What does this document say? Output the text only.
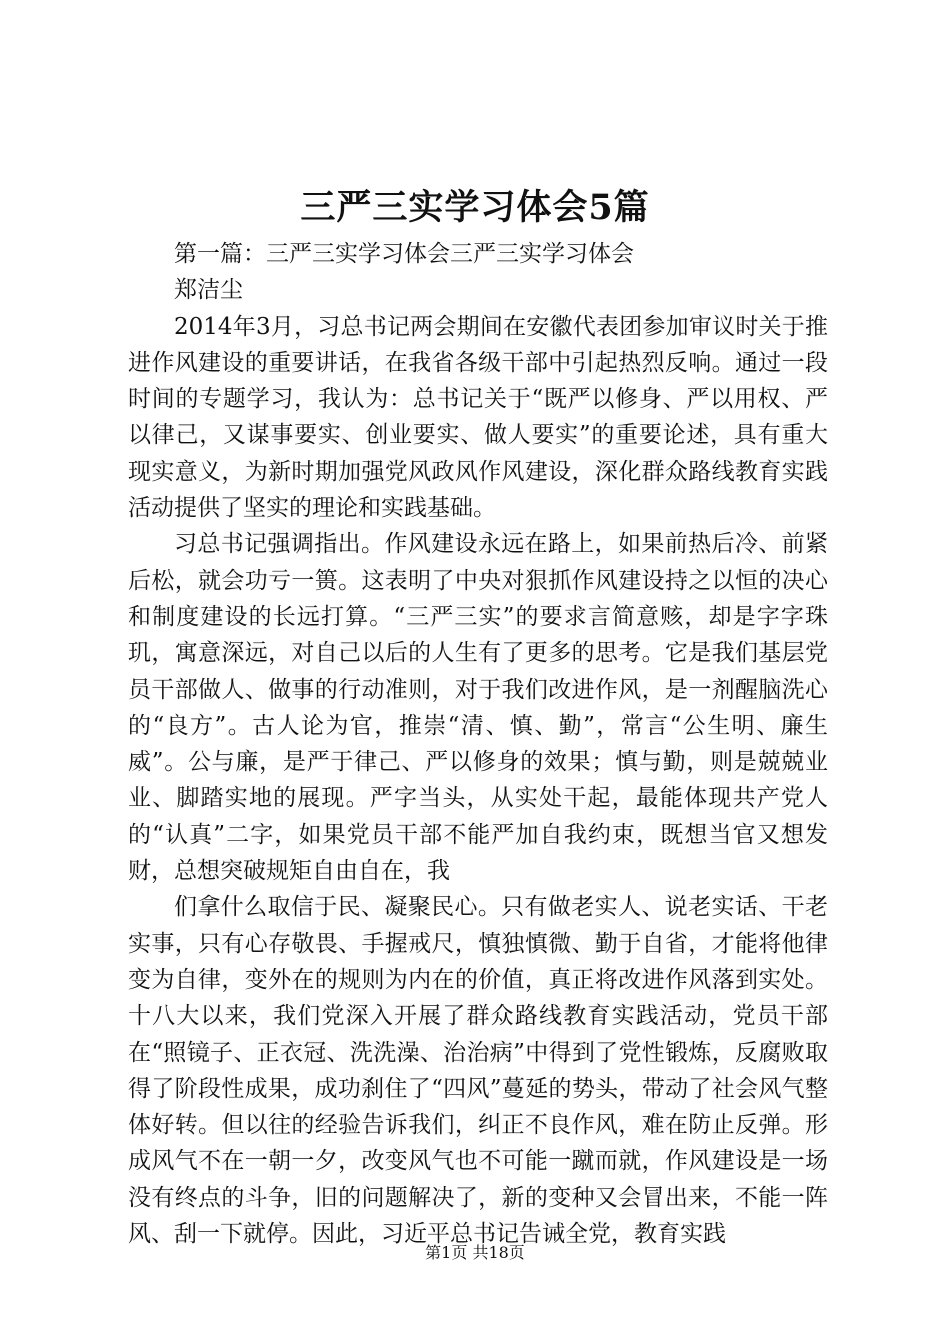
三严三实学习体会5篇

第一篇：三严三实学习体会三严三实学习体会

郑洁尘

2014年3月，习总书记两会期间在安徽代表团参加审议时关于推进作风建设的重要讲话，在我省各级干部中引起热烈反响。通过一段时间的专题学习，我认为：总书记关于“既严以修身、严以用权、严以律己，又谋事要实、创业要实、做人要实”的重要论述，具有重大现实意义，为新时期加强党风政风作风建设，深化群众路线教育实践活动提供了坚实的理论和实践基础。

习总书记强调指出。作风建设永远在路上，如果前热后冷、前紧后松，就会功亏一篑。这表明了中央对狠抓作风建设持之以恒的决心和制度建设的长远打算。“三严三实”的要求言简意赅，却是字字珠玑，寓意深远，对自己以后的人生有了更多的思考。它是我们基层党员干部做人、做事的行动准则，对于我们改进作风，是一剂醒脑洗心的“良方”。古人论为官，推崇“清、慎、勤”，常言“公生明、廉生威”。公与廉，是严于律己、严以修身的效果；慎与勤，则是兢兢业业、脚踏实地的展现。严字当头，从实处干起，最能体现共产党人的“认真”二字，如果党员干部不能严加自我约束，既想当官又想发财，总想突破规矩自由自在，我

们拿什么取信于民、凝聚民心。只有做老实人、说老实话、干老实事，只有心存敬畏、手握戒尺，慎独慎微、勤于自省，才能将他律变为自律，变外在的规则为内在的价值，真正将改进作风落到实处。十八大以来，我们党深入开展了群众路线教育实践活动，党员干部在“照镜子、正衣冠、洗洗澡、治治病”中得到了党性锻炼，反腐败取得了阶段性成果，成功刹住了“四风”蔓延的势头，带动了社会风气整体好转。但以往的经验告诉我们，纠正不良作风，难在防止反弹。形成风气不在一朝一夕，改变风气也不可能一蹴而就，作风建设是一场没有终点的斗争，旧的问题解决了，新的变种又会冒出来，不能一阵风、刮一下就停。因此，习近平总书记告诫全党，教育实践

第1页 共18页
